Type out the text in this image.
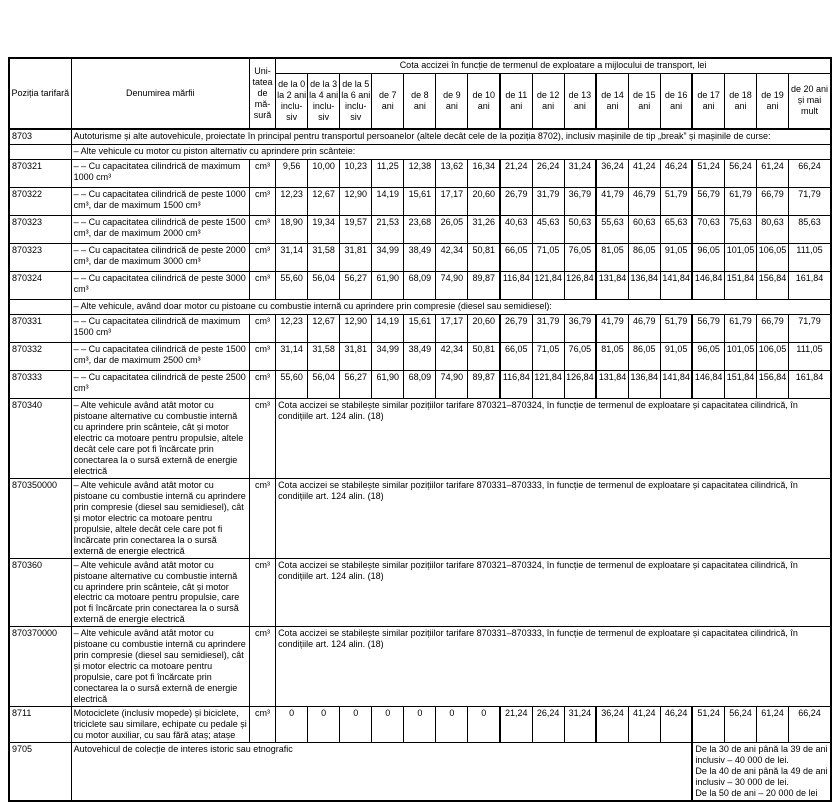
Poziția tarifară	Denumirea mărfii	Uni-tatea de mă-sură	Cota accizei în funcție de termenul de exploatare a mijlocului de transport, lei																
			de la 0 la 2 ani inclu-siv	de la 3 la 4 ani inclu-siv	de la 5 la 6 ani inclu-siv	de 7 ani	de 8 ani	de 9 ani	de 10 ani	de 11 ani	de 12 ani	de 13 ani	de 14 ani	de 15 ani	de 16 ani	de 17 ani	de 18 ani	de 19 ani	de 20 ani și mai mult
8703	Autoturisme și alte autovehicule, proiectate în principal pentru transportul persoanelor (altele decât cele de la poziția 8702), inclusiv mașinile de tip „break” și mașinile de curse:																		
	– Alte vehicule cu motor cu piston alternativ cu aprindere prin scânteie:																		
870321	– – Cu capacitatea cilindrică de maximum 1000 cm³	cm³	9,56	10,00	10,23	11,25	12,38	13,62	16,34	21,24	26,24	31,24	36,24	41,24	46,24	51,24	56,24	61,24	66,24
870322	– – Cu capacitatea cilindrică de peste 1000 cm³, dar de maximum 1500 cm³	cm³	12,23	12,67	12,90	14,19	15,61	17,17	20,60	26,79	31,79	36,79	41,79	46,79	51,79	56,79	61,79	66,79	71,79
870323	– – Cu capacitatea cilindrică de peste 1500 cm³, dar de maximum 2000 cm³	cm³	18,90	19,34	19,57	21,53	23,68	26,05	31,26	40,63	45,63	50,63	55,63	60,63	65,63	70,63	75,63	80,63	85,63
870323	– – Cu capacitatea cilindrică de peste 2000 cm³, dar de maximum 3000 cm³	cm³	31,14	31,58	31,81	34,99	38,49	42,34	50,81	66,05	71,05	76,05	81,05	86,05	91,05	96,05	101,05	106,05	111,05
870324	– – Cu capacitatea cilindrică de peste 3000 cm³	cm³	55,60	56,04	56,27	61,90	68,09	74,90	89,87	116,84	121,84	126,84	131,84	136,84	141,84	146,84	151,84	156,84	161,84
	– Alte vehicule, având doar motor cu pistoane cu combustie internă cu aprindere prin compresie (diesel sau semidiesel):																		
870331	– – Cu capacitatea cilindrică de maximum 1500 cm³	cm³	12,23	12,67	12,90	14,19	15,61	17,17	20,60	26,79	31,79	36,79	41,79	46,79	51,79	56,79	61,79	66,79	71,79
870332	– – Cu capacitatea cilindrică de peste 1500 cm³, dar de maximum 2500 cm³	cm³	31,14	31,58	31,81	34,99	38,49	42,34	50,81	66,05	71,05	76,05	81,05	86,05	91,05	96,05	101,05	106,05	111,05
870333	– – Cu capacitatea cilindrică de peste 2500 cm³	cm³	55,60	56,04	56,27	61,90	68,09	74,90	89,87	116,84	121,84	126,84	131,84	136,84	141,84	146,84	151,84	156,84	161,84
870340	– Alte vehicule având atât motor cu pistoane alternative cu combustie internă cu aprindere prin scânteie, cât și motor electric ca motoare pentru propulsie, altele decât cele care pot fi încărcate prin conectarea la o sursă externă de energie electrică	cm³	Cota accizei se stabilește similar pozițiilor tarifare 870321–870324, în funcție de termenul de exploatare și capacitatea cilindrică, în condițiile art. 124 alin. (18)																
870350000	– Alte vehicule având atât motor cu pistoane cu combustie internă cu aprindere prin compresie (diesel sau semidiesel), cât și motor electric ca motoare pentru propulsie, altele decât cele care pot fi încărcate prin conectarea la o sursă externă de energie electrică	cm³	Cota accizei se stabilește similar pozițiilor tarifare 870331–870333, în funcție de termenul de exploatare și capacitatea cilindrică, în condițiile art. 124 alin. (18)																
870360	– Alte vehicule având atât motor cu pistoane alternative cu combustie internă cu aprindere prin scânteie, cât și motor electric ca motoare pentru propulsie, care pot fi încărcate prin conectarea la o sursă externă de energie electrică	cm³	Cota accizei se stabilește similar pozițiilor tarifare 870321–870324, în funcție de termenul de exploatare și capacitatea cilindrică, în condițiile art. 124 alin. (18)																
870370000	– Alte vehicule având atât motor cu pistoane cu combustie internă cu aprindere prin compresie (diesel sau semidiesel), cât și motor electric ca motoare pentru propulsie, care pot fi încărcate prin conectarea la o sursă externă de energie electrică	cm³	Cota accizei se stabilește similar pozițiilor tarifare 870331–870333, în funcție de termenul de exploatare și capacitatea cilindrică, în condițiile art. 124 alin. (18)																
8711	Motociclete (inclusiv mopede) și biciclete, triciclete sau similare, echipate cu pedale și cu motor auxiliar, cu sau fără ataș; atașe	cm³	0	0	0	0	0	0	0	21,24	26,24	31,24	36,24	41,24	46,24	51,24	56,24	61,24	66,24
9705	Autovehicul de colecție de interes istoric sau etnografic															De la 30 de ani până la 39 de ani inclusiv – 40 000 de lei.
De la 40 de ani până la 49 de ani inclusiv – 30 000 de lei.
De la 50 de ani – 20 000 de lei			
